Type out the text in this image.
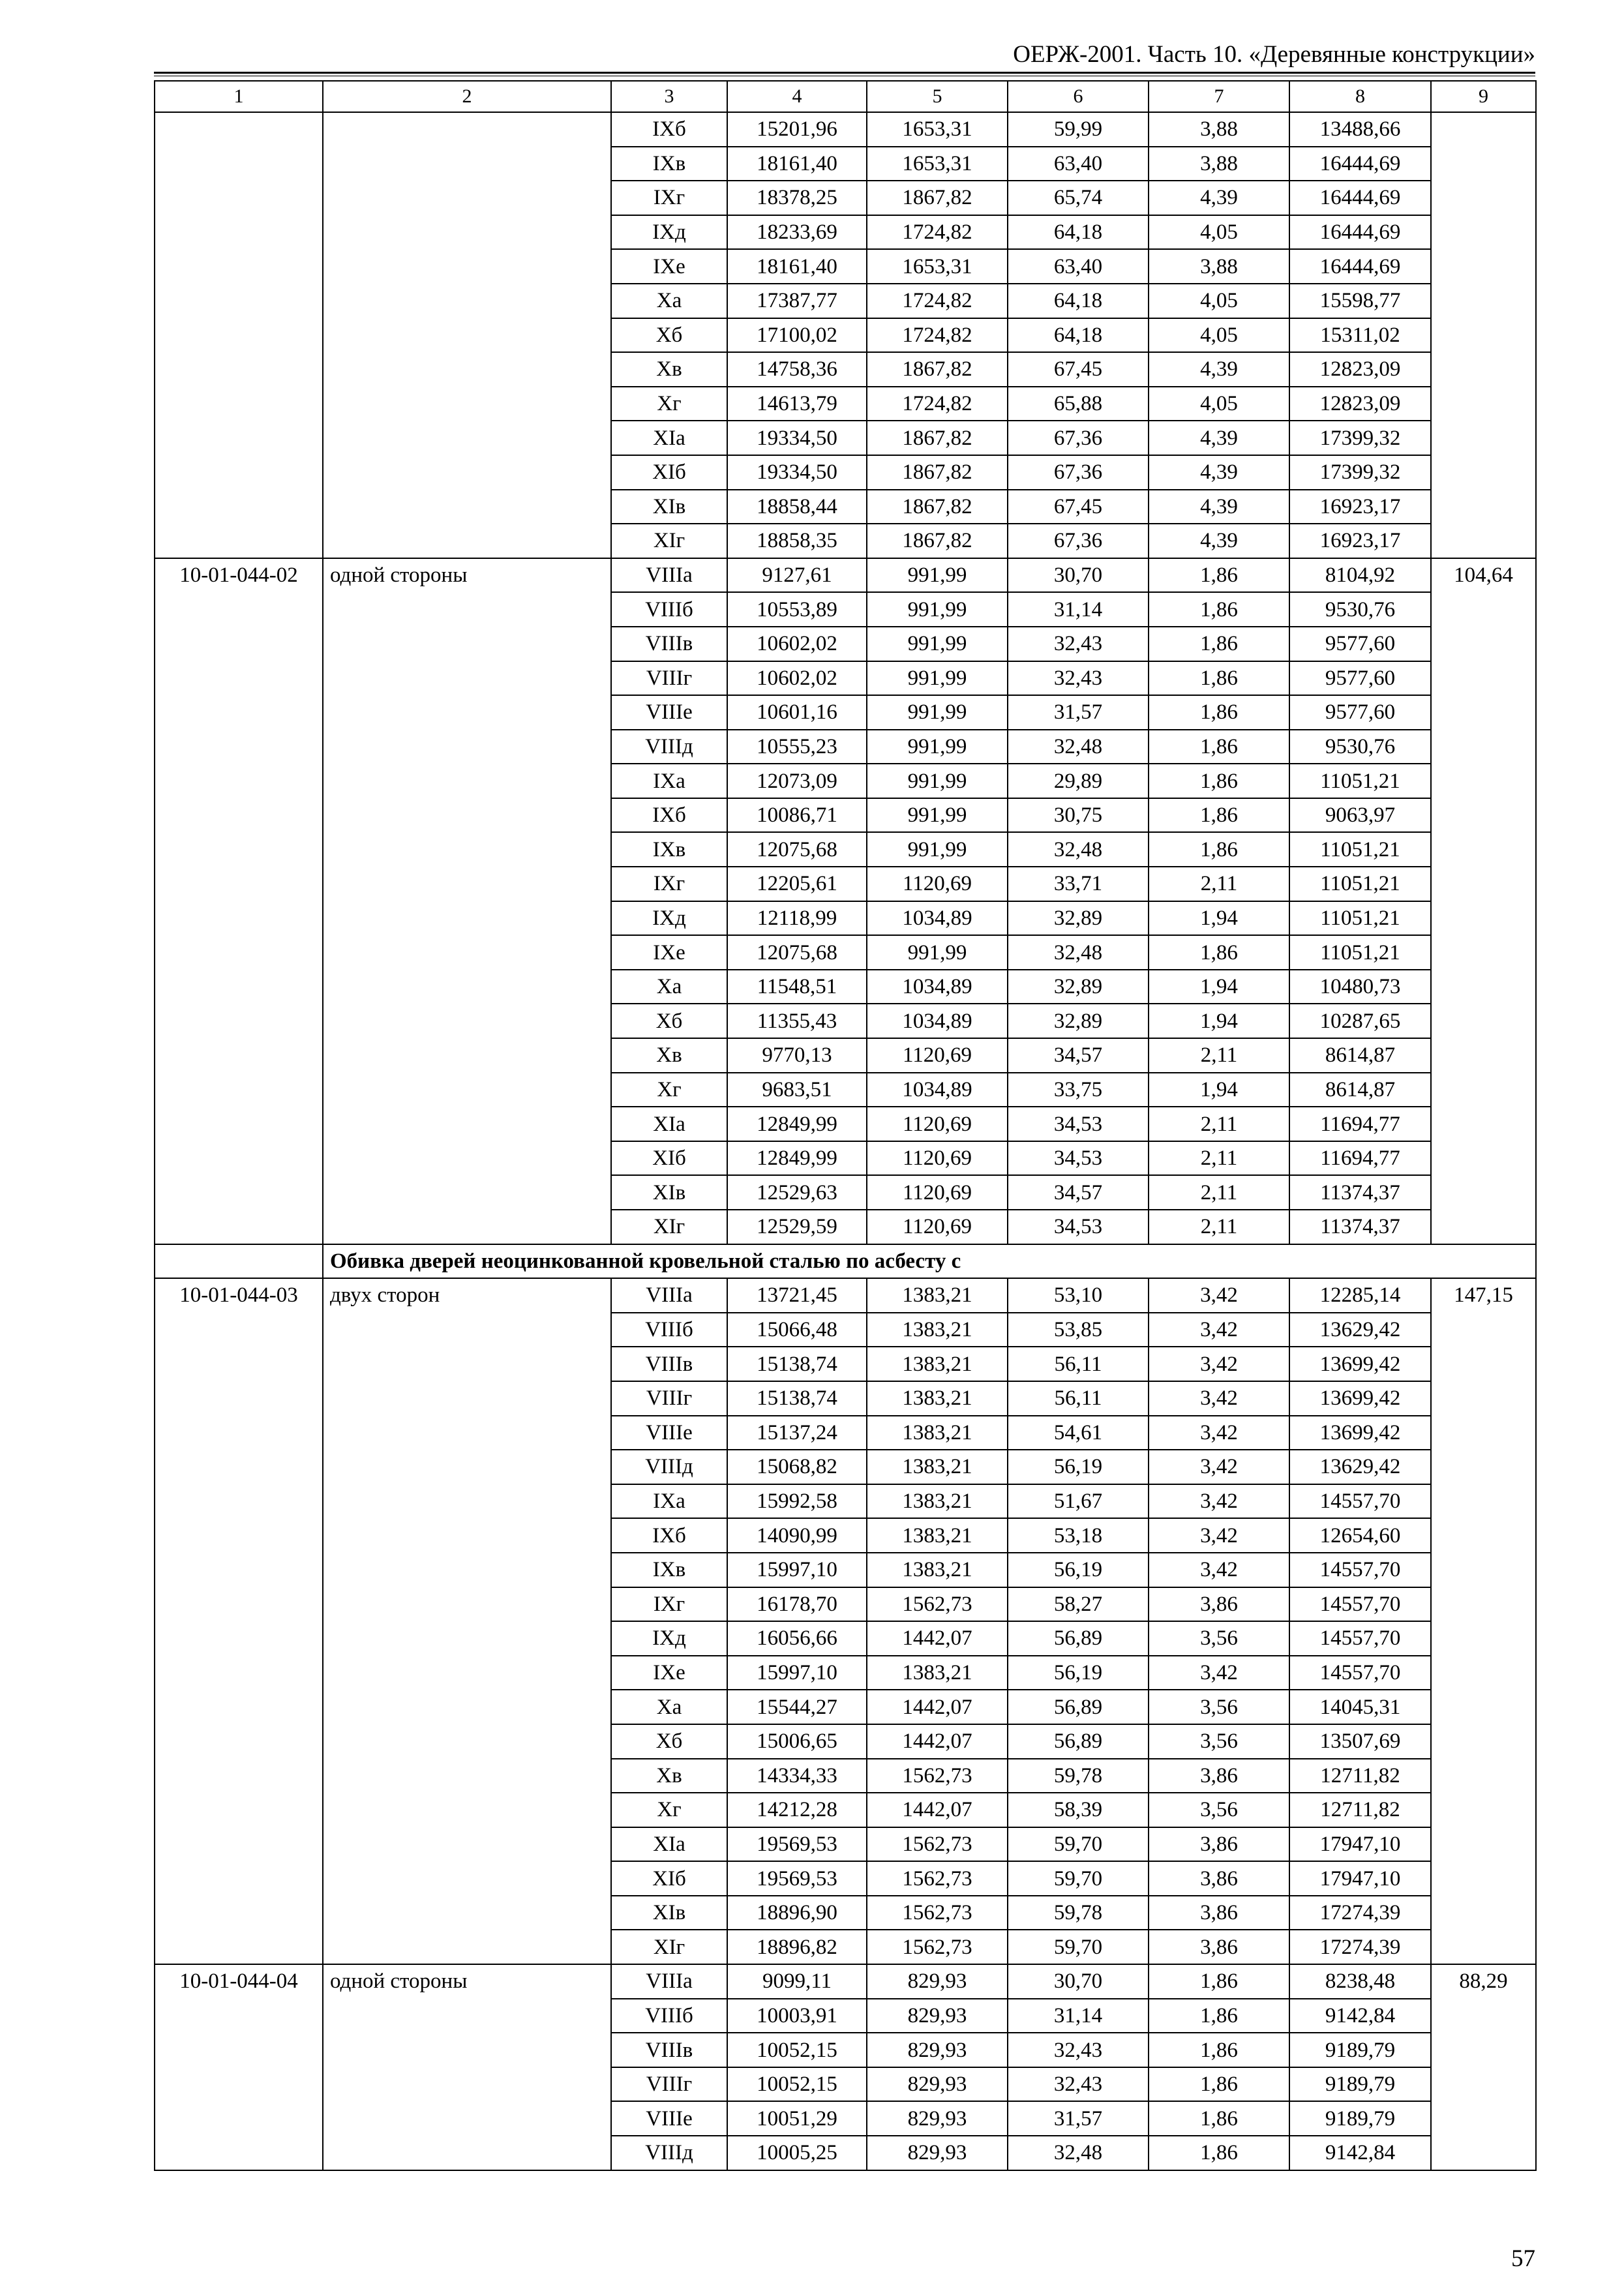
ОЕРЖ-2001. Часть 10. «Деревянные конструкции»
1	2	3	4	5	6	7	8	9
		IXб	15201,96	1653,31	59,99	3,88	13488,66	
		IXв	18161,40	1653,31	63,40	3,88	16444,69	
		IXг	18378,25	1867,82	65,74	4,39	16444,69	
		IXд	18233,69	1724,82	64,18	4,05	16444,69	
		IXе	18161,40	1653,31	63,40	3,88	16444,69	
		Xа	17387,77	1724,82	64,18	4,05	15598,77	
		Xб	17100,02	1724,82	64,18	4,05	15311,02	
		Xв	14758,36	1867,82	67,45	4,39	12823,09	
		Xг	14613,79	1724,82	65,88	4,05	12823,09	
		XIа	19334,50	1867,82	67,36	4,39	17399,32	
		XIб	19334,50	1867,82	67,36	4,39	17399,32	
		XIв	18858,44	1867,82	67,45	4,39	16923,17	
		XIг	18858,35	1867,82	67,36	4,39	16923,17	
10-01-044-02	одной стороны	VIIIа	9127,61	991,99	30,70	1,86	8104,92	104,64
		VIIIб	10553,89	991,99	31,14	1,86	9530,76	
		VIIIв	10602,02	991,99	32,43	1,86	9577,60	
		VIIIг	10602,02	991,99	32,43	1,86	9577,60	
		VIIIе	10601,16	991,99	31,57	1,86	9577,60	
		VIIIд	10555,23	991,99	32,48	1,86	9530,76	
		IXа	12073,09	991,99	29,89	1,86	11051,21	
		IXб	10086,71	991,99	30,75	1,86	9063,97	
		IXв	12075,68	991,99	32,48	1,86	11051,21	
		IXг	12205,61	1120,69	33,71	2,11	11051,21	
		IXд	12118,99	1034,89	32,89	1,94	11051,21	
		IXе	12075,68	991,99	32,48	1,86	11051,21	
		Xа	11548,51	1034,89	32,89	1,94	10480,73	
		Xб	11355,43	1034,89	32,89	1,94	10287,65	
		Xв	9770,13	1120,69	34,57	2,11	8614,87	
		Xг	9683,51	1034,89	33,75	1,94	8614,87	
		XIа	12849,99	1120,69	34,53	2,11	11694,77	
		XIб	12849,99	1120,69	34,53	2,11	11694,77	
		XIв	12529,63	1120,69	34,57	2,11	11374,37	
		XIг	12529,59	1120,69	34,53	2,11	11374,37	
	Обивка дверей неоцинкованной кровельной сталью по асбесту с							
10-01-044-03	двух сторон	VIIIа	13721,45	1383,21	53,10	3,42	12285,14	147,15
		VIIIб	15066,48	1383,21	53,85	3,42	13629,42	
		VIIIв	15138,74	1383,21	56,11	3,42	13699,42	
		VIIIг	15138,74	1383,21	56,11	3,42	13699,42	
		VIIIе	15137,24	1383,21	54,61	3,42	13699,42	
		VIIIд	15068,82	1383,21	56,19	3,42	13629,42	
		IXа	15992,58	1383,21	51,67	3,42	14557,70	
		IXб	14090,99	1383,21	53,18	3,42	12654,60	
		IXв	15997,10	1383,21	56,19	3,42	14557,70	
		IXг	16178,70	1562,73	58,27	3,86	14557,70	
		IXд	16056,66	1442,07	56,89	3,56	14557,70	
		IXе	15997,10	1383,21	56,19	3,42	14557,70	
		Xа	15544,27	1442,07	56,89	3,56	14045,31	
		Xб	15006,65	1442,07	56,89	3,56	13507,69	
		Xв	14334,33	1562,73	59,78	3,86	12711,82	
		Xг	14212,28	1442,07	58,39	3,56	12711,82	
		XIа	19569,53	1562,73	59,70	3,86	17947,10	
		XIб	19569,53	1562,73	59,70	3,86	17947,10	
		XIв	18896,90	1562,73	59,78	3,86	17274,39	
		XIг	18896,82	1562,73	59,70	3,86	17274,39	
10-01-044-04	одной стороны	VIIIа	9099,11	829,93	30,70	1,86	8238,48	88,29
		VIIIб	10003,91	829,93	31,14	1,86	9142,84	
		VIIIв	10052,15	829,93	32,43	1,86	9189,79	
		VIIIг	10052,15	829,93	32,43	1,86	9189,79	
		VIIIе	10051,29	829,93	31,57	1,86	9189,79	
		VIIIд	10005,25	829,93	32,48	1,86	9142,84	
57
